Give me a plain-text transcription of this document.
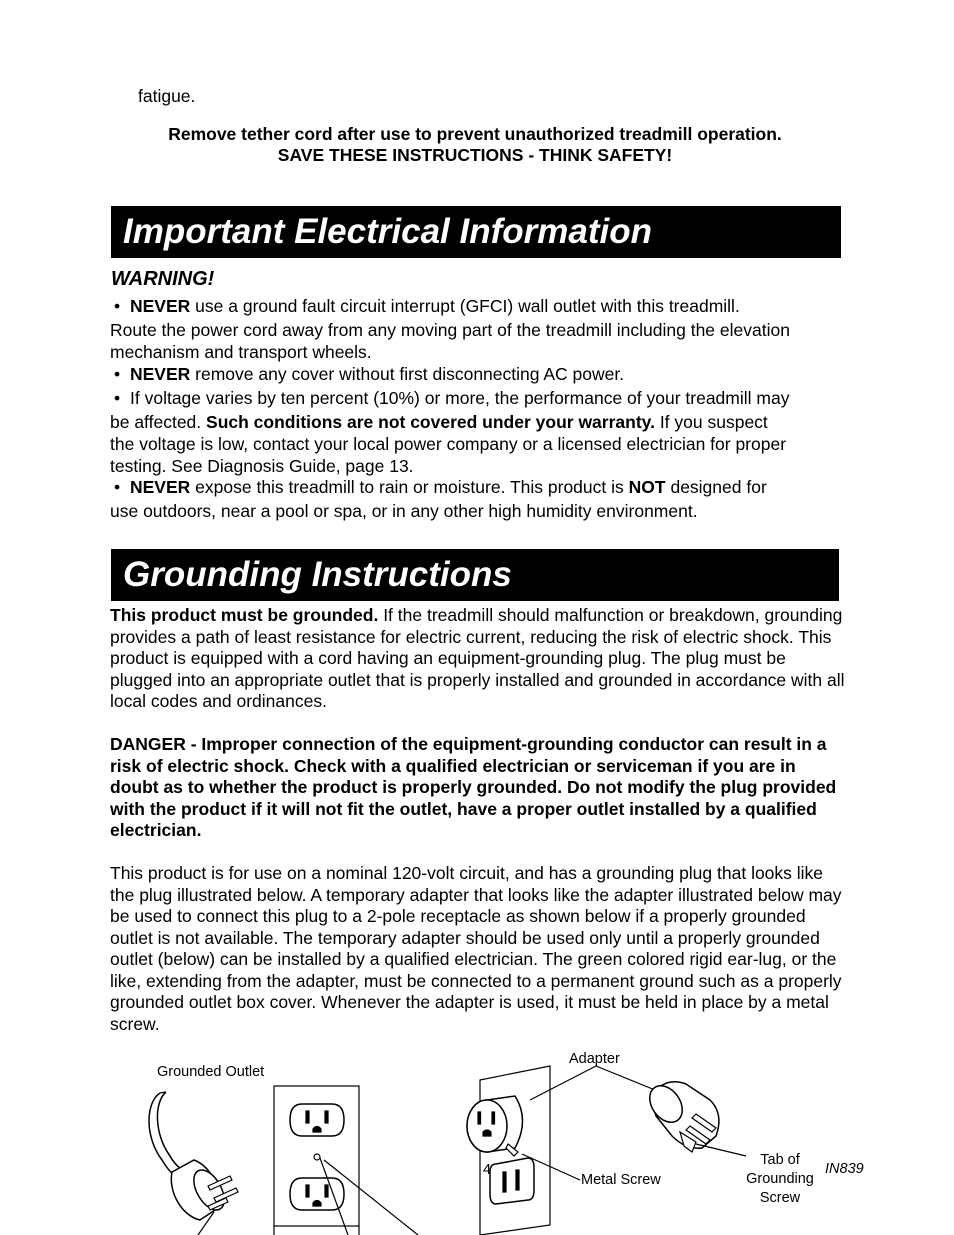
fatigue.
Remove tether cord after use to prevent unauthorized treadmill operation.
SAVE THESE INSTRUCTIONS - THINK SAFETY!
Important Electrical Information
WARNING!
• NEVER use a ground fault circuit interrupt (GFCI) wall outlet with this treadmill.
Route the power cord away from any moving part of the treadmill including the elevation
mechanism and transport wheels.
• NEVER remove any cover without first disconnecting AC power.
• If voltage varies by ten percent (10%) or more, the performance of your treadmill may
be affected. Such conditions are not covered under your warranty. If you suspect
the voltage is low, contact your local power company or a licensed electrician for proper
testing. See Diagnosis Guide, page 13.
• NEVER expose this treadmill to rain or moisture. This product is NOT designed for
use outdoors, near a pool or spa, or in any other high humidity environment.
Grounding Instructions
This product must be grounded. If the treadmill should malfunction or breakdown, grounding provides a path of least resistance for electric current, reducing the risk of electric shock. This product is equipped with a cord having an equipment-grounding plug. The plug must be plugged into an appropriate outlet that is properly installed and grounded in accordance with all local codes and ordinances.
DANGER - Improper connection of the equipment-grounding conductor can result in a risk of electric shock. Check with a qualified electrician or serviceman if you are in doubt as to whether the product is properly grounded. Do not modify the plug provided with the product if it will not fit the outlet, have a proper outlet installed by a qualified electrician.
This product is for use on a nominal 120-volt circuit, and has a grounding plug that looks like the plug illustrated below. A temporary adapter that looks like the adapter illustrated below may be used to connect this plug to a 2-pole receptacle as shown below if a properly grounded outlet is not available. The temporary adapter should be used only until a properly grounded outlet (below) can be installed by a qualified electrician. The green colored rigid ear-lug, or the like, extending from the adapter, must be connected to a permanent ground such as a properly grounded outlet box cover. Whenever the adapter is used, it must be held in place by a metal screw.
Grounded Outlet
Adapter
Metal Screw
Tab of
Grounding
Screw
IN839
4
